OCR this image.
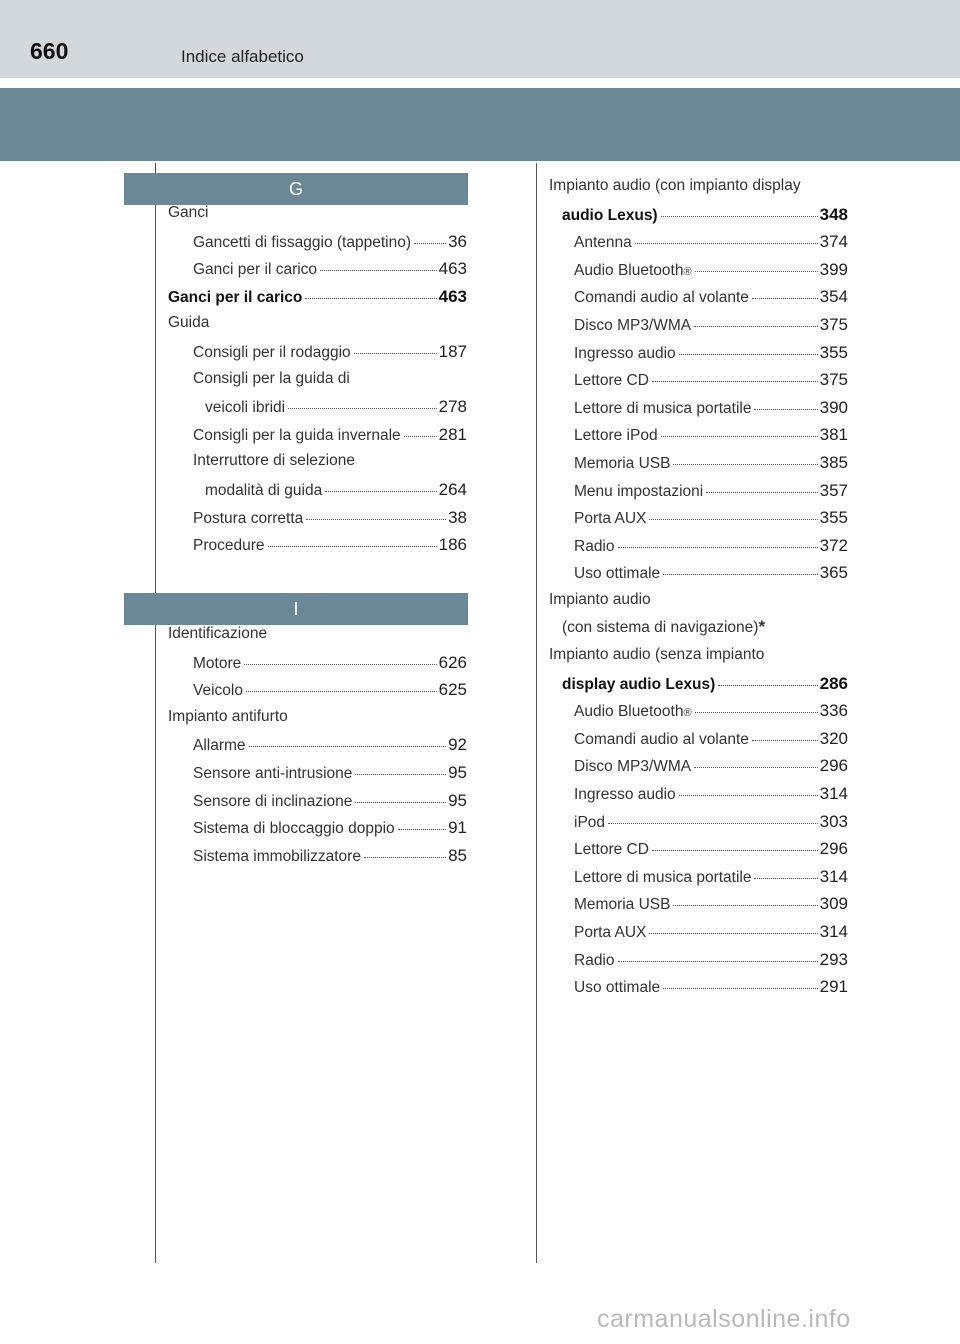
660	Indice alfabetico
G
Ganci
Gancetti di fissaggio (tappetino) 36
Ganci per il carico	463
Ganci per il carico	463
Guida
Consigli per il rodaggio	187
Consigli per la guida di
veicoli ibridi	278
Consigli per la guida invernale 281
Interruttore di selezione
modalità di guida	264
Postura corretta	38
Procedure	186
I
Identificazione
Motore	626
Veicolo	625
Impianto antifurto
Allarme	92
Sensore anti-intrusione	95
Sensore di inclinazione	95
Sistema di bloccaggio doppio	91
Sistema immobilizzatore	85
Impianto audio (con impianto display
audio Lexus)	348
Antenna	374
Audio Bluetooth ®	399
Comandi audio al volante	354
Disco MP3/WMA	375
Ingresso audio	355
Lettore CD	375
Lettore di musica portatile	390
Lettore iPod	381
Memoria USB	385
Menu impostazioni	357
Porta AUX	355
Radio	372
Uso ottimale	365
Impianto audio
(con sistema di navigazione) *
Impianto audio (senza impianto
display audio Lexus)	286
Audio Bluetooth ®	336
Comandi audio al volante	320
Disco MP3/WMA	296
Ingresso audio	314
iPod	303
Lettore CD	296
Lettore di musica portatile	314
Memoria USB	309
Porta AUX	314
Radio	293
Uso ottimale	291
carmanualsonline.info
